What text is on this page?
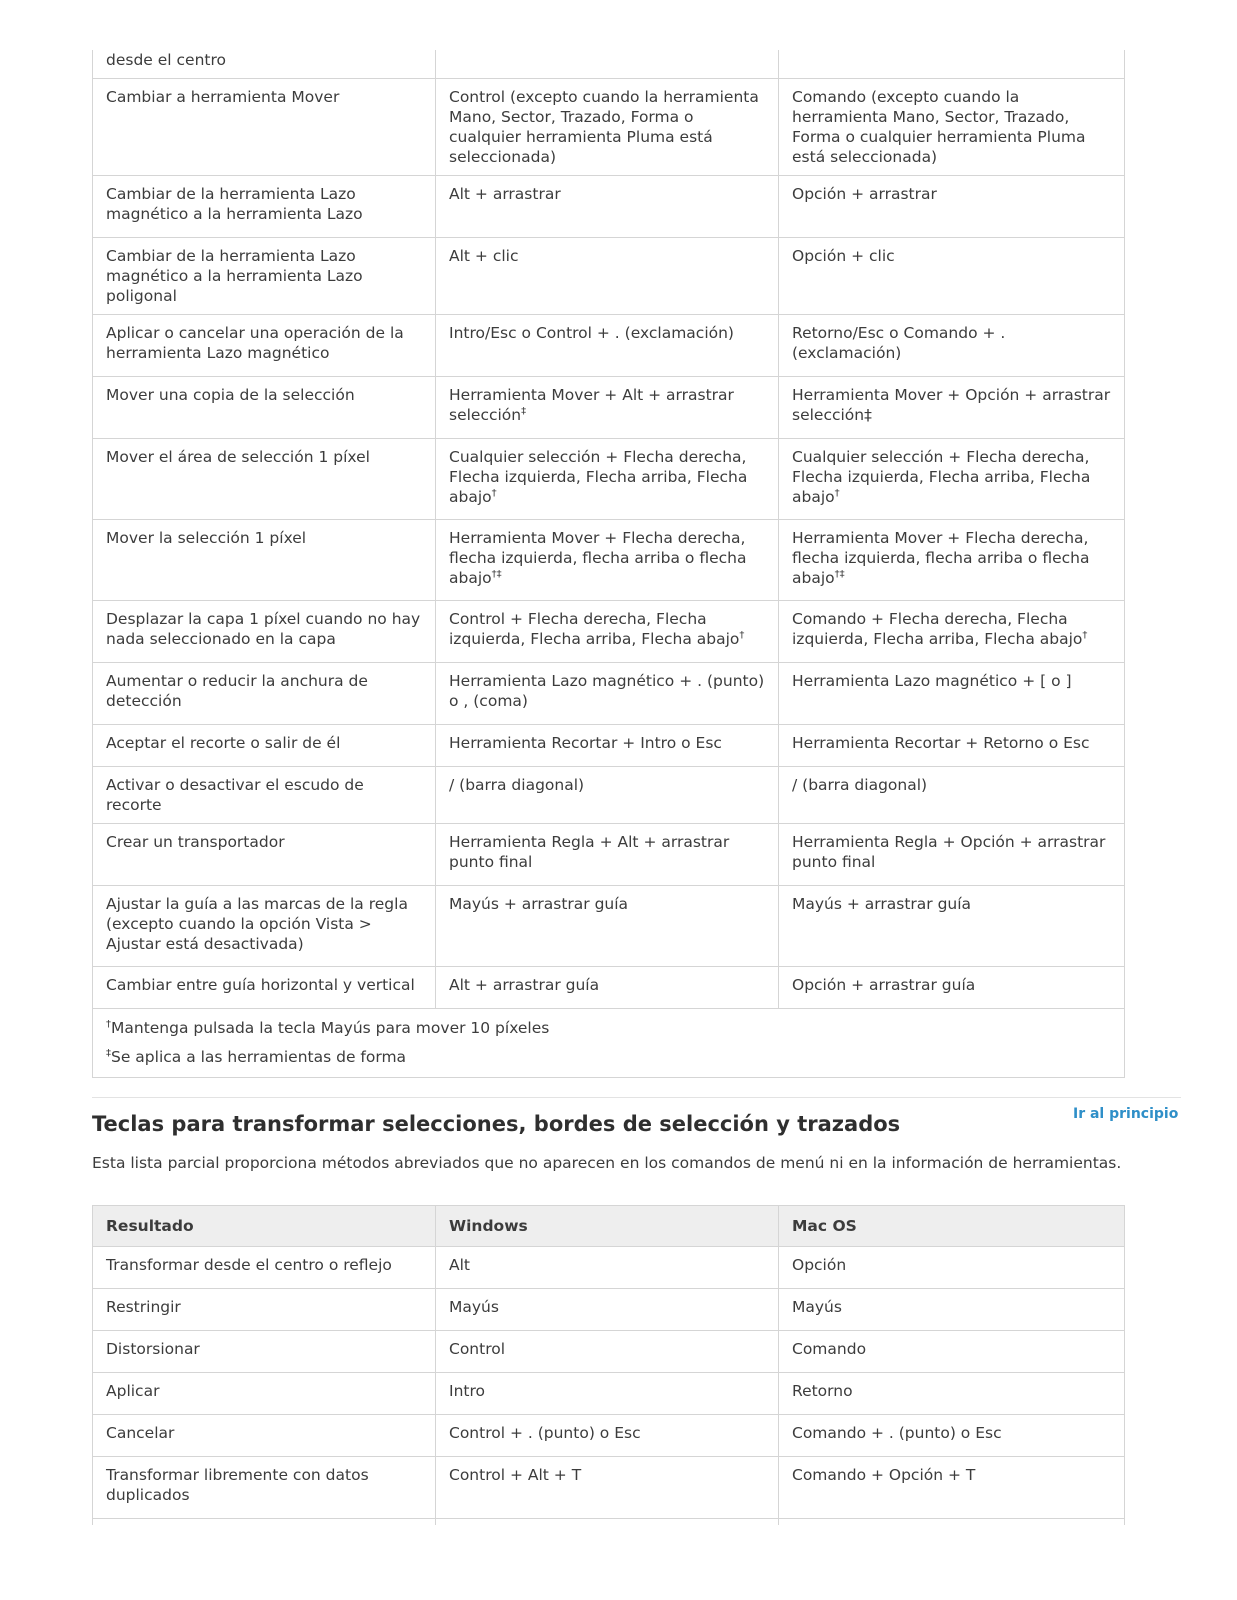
desde el centro		
Cambiar a herramienta Mover	Control (excepto cuando la herramienta Mano, Sector, Trazado, Forma o cualquier herramienta Pluma está seleccionada)	Comando (excepto cuando la herramienta Mano, Sector, Trazado, Forma o cualquier herramienta Pluma está seleccionada)
Cambiar de la herramienta Lazo magnético a la herramienta Lazo	Alt + arrastrar	Opción + arrastrar
Cambiar de la herramienta Lazo magnético a la herramienta Lazo poligonal	Alt + clic	Opción + clic
Aplicar o cancelar una operación de la herramienta Lazo magnético	Intro/Esc o Control + . (exclamación)	Retorno/Esc o Comando + . (exclamación)
Mover una copia de la selección	Herramienta Mover + Alt + arrastrar selección‡	Herramienta Mover + Opción + arrastrar selección‡
Mover el área de selección 1 píxel	Cualquier selección + Flecha derecha, Flecha izquierda, Flecha arriba, Flecha abajo†	Cualquier selección + Flecha derecha, Flecha izquierda, Flecha arriba, Flecha abajo†
Mover la selección 1 píxel	Herramienta Mover + Flecha derecha, flecha izquierda, flecha arriba o flecha abajo†‡	Herramienta Mover + Flecha derecha, flecha izquierda, flecha arriba o flecha abajo†‡
Desplazar la capa 1 píxel cuando no hay nada seleccionado en la capa	Control + Flecha derecha, Flecha izquierda, Flecha arriba, Flecha abajo†	Comando + Flecha derecha, Flecha izquierda, Flecha arriba, Flecha abajo†
Aumentar o reducir la anchura de detección	Herramienta Lazo magnético + . (punto) o , (coma)	Herramienta Lazo magnético + [ o ]
Aceptar el recorte o salir de él	Herramienta Recortar + Intro o Esc	Herramienta Recortar + Retorno o Esc
Activar o desactivar el escudo de recorte	/ (barra diagonal)	/ (barra diagonal)
Crear un transportador	Herramienta Regla + Alt + arrastrar punto final	Herramienta Regla + Opción + arrastrar punto final
Ajustar la guía a las marcas de la regla (excepto cuando la opción Vista > Ajustar está desactivada)	Mayús + arrastrar guía	Mayús + arrastrar guía
Cambiar entre guía horizontal y vertical	Alt + arrastrar guía	Opción + arrastrar guía

†Mantenga pulsada la tecla Mayús para mover 10 píxeles

‡Se aplica a las herramientas de forma		

Ir al principio
Teclas para transformar selecciones, bordes de selección y trazados

Esta lista parcial proporciona métodos abreviados que no aparecen en los comandos de menú ni en la información de herramientas.

Resultado	Windows	Mac OS
Transformar desde el centro o reflejo	Alt	Opción
Restringir	Mayús	Mayús
Distorsionar	Control	Comando
Aplicar	Intro	Retorno
Cancelar	Control + . (punto) o Esc	Comando + . (punto) o Esc
Transformar libremente con datos duplicados	Control + Alt + T	Comando + Opción + T
